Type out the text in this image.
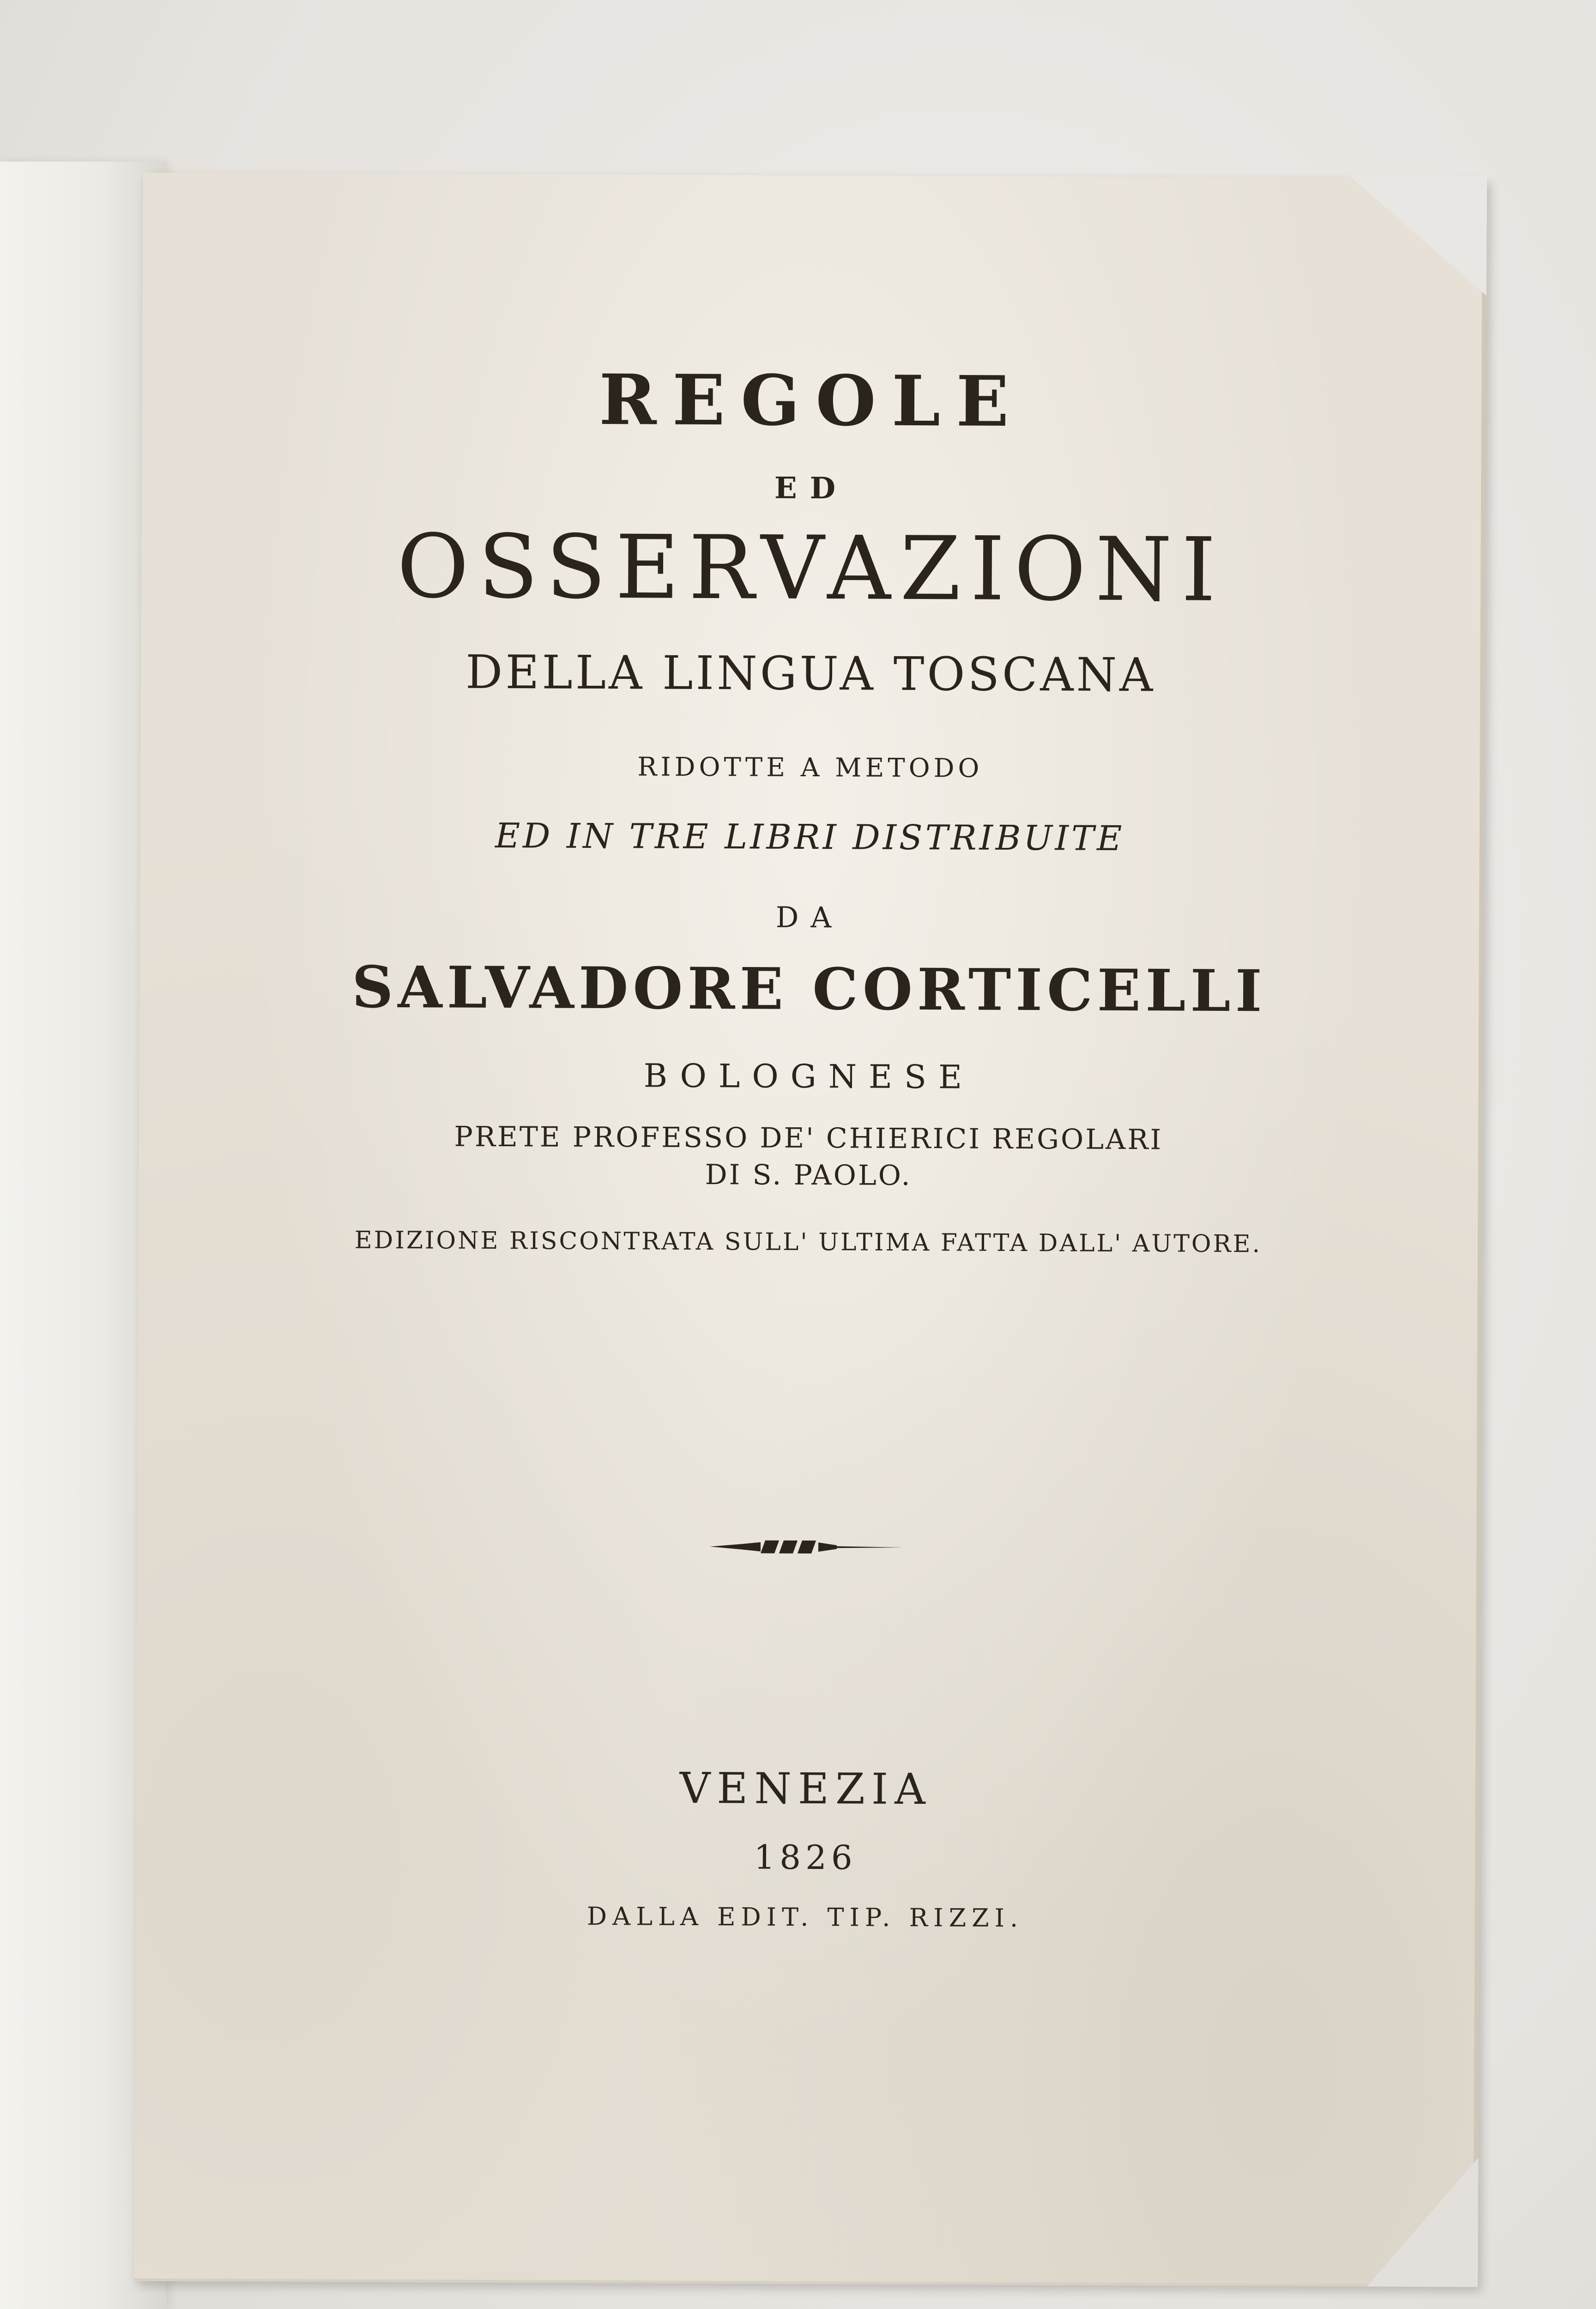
REGOLE
ED
OSSERVAZIONI
DELLA LINGUA TOSCANA
RIDOTTE A METODO
ED IN TRE LIBRI DISTRIBUITE
DA
SALVADORE CORTICELLI
BOLOGNESE
PRETE PROFESSO DE' CHIERICI REGOLARI
DI S. PAOLO.
EDIZIONE RISCONTRATA SULL' ULTIMA FATTA DALL' AUTORE.
VENEZIA
1826
DALLA EDIT. TIP. RIZZI.
